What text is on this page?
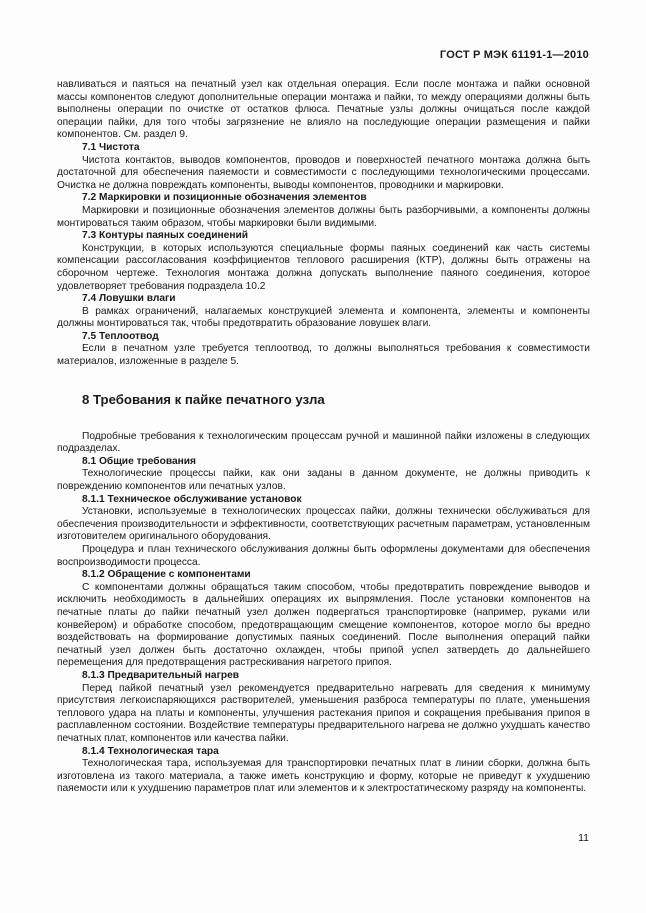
ГОСТ Р МЭК 61191-1—2010

навливаться и паяться на печатный узел как отдельная операция. Если после монтажа и пайки основной массы компонентов следуют дополнительные операции монтажа и пайки, то между операциями должны быть выполнены операции по очистке от остатков флюса. Печатные узлы должны очищаться после каждой операции пайки, для того чтобы загрязнение не влияло на последующие операции размещения и пайки компонентов. См. раздел 9.

7.1 Чистота

Чистота контактов, выводов компонентов, проводов и поверхностей печатного монтажа должна быть достаточной для обеспечения паяемости и совместимости с последующими технологическими процессами. Очистка не должна повреждать компоненты, выводы компонентов, проводники и маркировки.

7.2 Маркировки и позиционные обозначения элементов

Маркировки и позиционные обозначения элементов должны быть разборчивыми, а компоненты должны монтироваться таким образом, чтобы маркировки были видимыми.

7.3 Контуры паяных соединений

Конструкции, в которых используются специальные формы паяных соединений как часть системы компенсации рассогласования коэффициентов теплового расширения (КТР), должны быть отражены на сборочном чертеже. Технология монтажа должна допускать выполнение паяного соединения, которое удовлетворяет требования подраздела 10.2

7.4 Ловушки влаги

В рамках ограничений, налагаемых конструкцией элемента и компонента, элементы и компоненты должны монтироваться так, чтобы предотвратить образование ловушек влаги.

7.5 Теплоотвод

Если в печатном узле требуется теплоотвод, то должны выполняться требования к совместимости материалов, изложенные в разделе 5.

8 Требования к пайке печатного узла

Подробные требования к технологическим процессам ручной и машинной пайки изложены в следующих подразделах.

8.1 Общие требования

Технологические процессы пайки, как они заданы в данном документе, не должны приводить к повреждению компонентов или печатных узлов.

8.1.1 Техническое обслуживание установок

Установки, используемые в технологических процессах пайки, должны технически обслуживаться для обеспечения производительности и эффективности, соответствующих расчетным параметрам, установленным изготовителем оригинального оборудования.

Процедура и план технического обслуживания должны быть оформлены документами для обеспечения воспроизводимости процесса.

8.1.2 Обращение с компонентами

С компонентами должны обращаться таким способом, чтобы предотвратить повреждение выводов и исключить необходимость в дальнейших операциях их выпрямления. После установки компонентов на печатные платы до пайки печатный узел должен подвергаться транспортировке (например, руками или конвейером) и обработке способом, предотвращающим смещение компонентов, которое могло бы вредно воздействовать на формирование допустимых паяных соединений. После выполнения операций пайки печатный узел должен быть достаточно охлажден, чтобы припой успел затвердеть до дальнейшего перемещения для предотвращения растрескивания нагретого припоя.

8.1.3 Предварительный нагрев

Перед пайкой печатный узел рекомендуется предварительно нагревать для сведения к минимуму присутствия легкоиспаряющихся растворителей, уменьшения разброса температуры по плате, уменьшения теплового удара на платы и компоненты, улучшения растекания припоя и сокращения пребывания припоя в расплавленном состоянии. Воздействие температуры предварительного нагрева не должно ухудшать качество печатных плат, компонентов или качества пайки.

8.1.4 Технологическая тара

Технологическая тара, используемая для транспортировки печатных плат в линии сборки, должна быть изготовлена из такого материала, а также иметь конструкцию и форму, которые не приведут к ухудшению паяемости или к ухудшению параметров плат или элементов и к электростатическому разряду на компоненты.

11
